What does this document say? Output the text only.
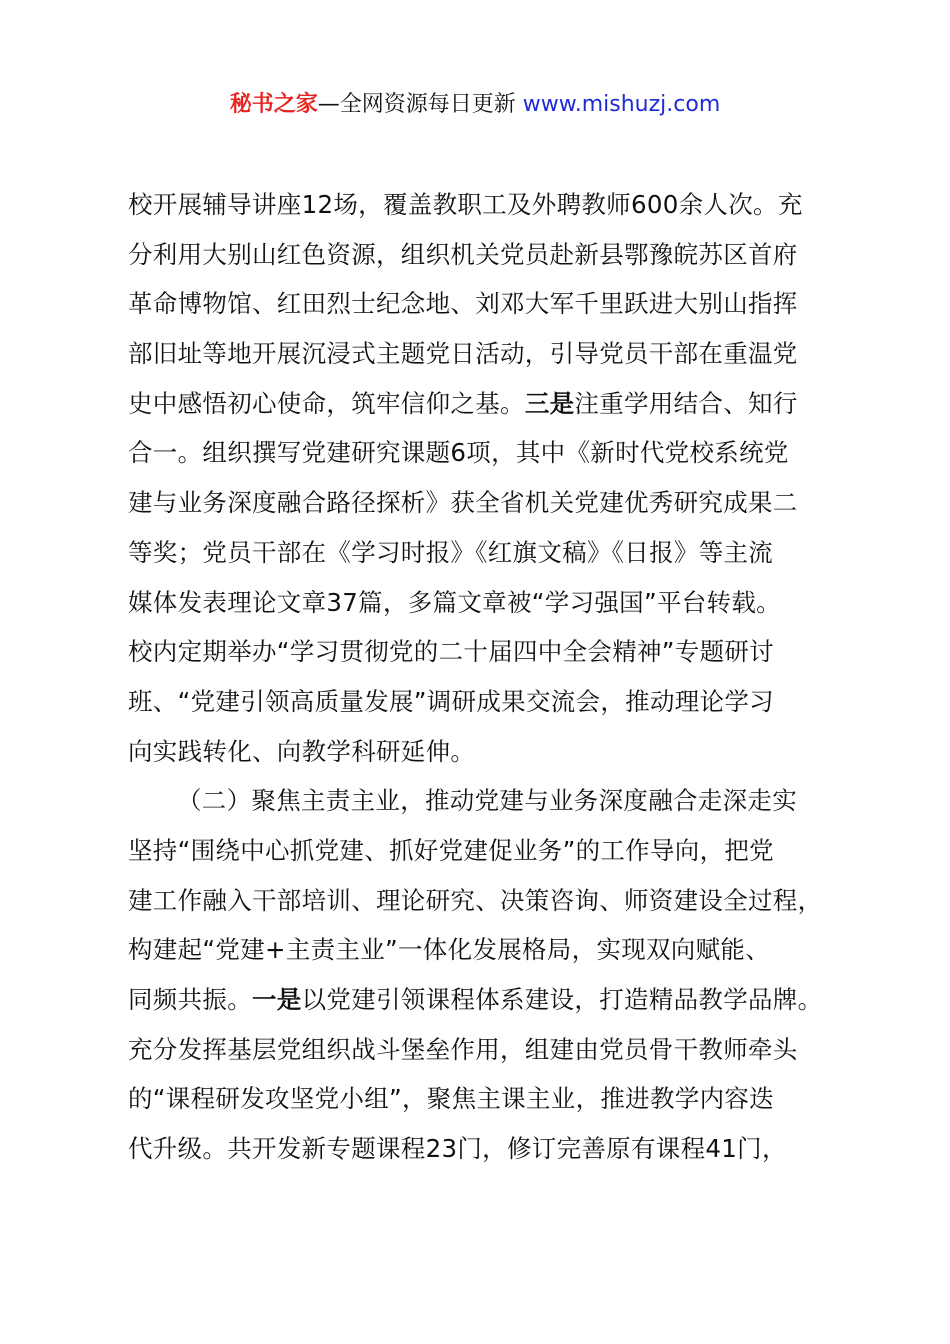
秘书之家—全网资源每日更新 www.mishuzj.com
校开展辅导讲座12场，覆盖教职工及外聘教师600余人次。充
分利用大别山红色资源，组织机关党员赴新县鄂豫皖苏区首府
革命博物馆、红田烈士纪念地、刘邓大军千里跃进大别山指挥
部旧址等地开展沉浸式主题党日活动，引导党员干部在重温党
史中感悟初心使命，筑牢信仰之基。三是注重学用结合、知行
合一。组织撰写党建研究课题6项，其中《新时代党校系统党
建与业务深度融合路径探析》获全省机关党建优秀研究成果二
等奖；党员干部在《学习时报》《红旗文稿》《日报》等主流
媒体发表理论文章37篇，多篇文章被“学习强国”平台转载。
校内定期举办“学习贯彻党的二十届四中全会精神”专题研讨
班、“党建引领高质量发展”调研成果交流会，推动理论学习
向实践转化、向教学科研延伸。
（二）聚焦主责主业，推动党建与业务深度融合走深走实
坚持“围绕中心抓党建、抓好党建促业务”的工作导向，把党
建工作融入干部培训、理论研究、决策咨询、师资建设全过程，
构建起“党建+主责主业”一体化发展格局，实现双向赋能、
同频共振。一是以党建引领课程体系建设，打造精品教学品牌。
充分发挥基层党组织战斗堡垒作用，组建由党员骨干教师牵头
的“课程研发攻坚党小组”，聚焦主课主业，推进教学内容迭
代升级。共开发新专题课程23门，修订完善原有课程41门，
